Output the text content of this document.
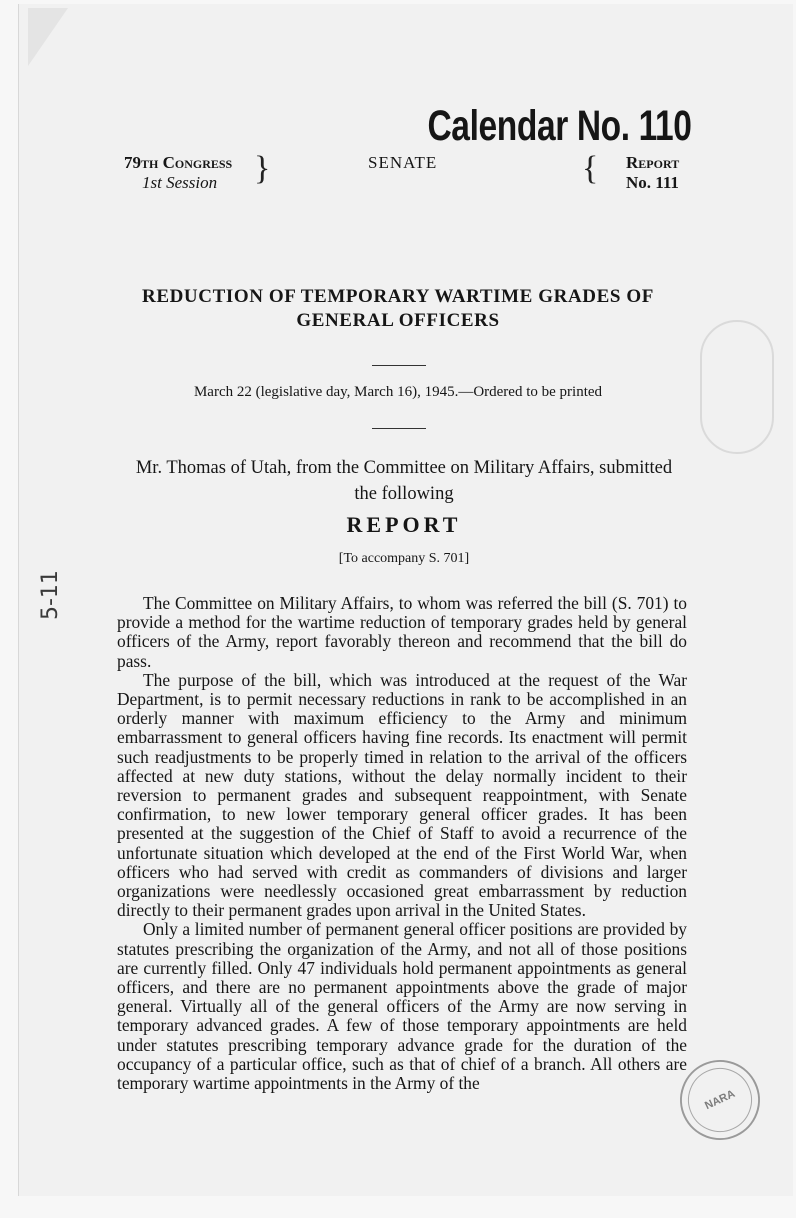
Calendar No. 110
79th Congress
1st Session }	SENATE	{ Report
No. 111
REDUCTION OF TEMPORARY WARTIME GRADES OF GENERAL OFFICERS
March 22 (legislative day, March 16), 1945.—Ordered to be printed
Mr. Thomas of Utah, from the Committee on Military Affairs, submitted the following
REPORT
[To accompany S. 701]

The Committee on Military Affairs, to whom was referred the bill (S. 701) to provide a method for the wartime reduction of temporary grades held by general officers of the Army, report favorably thereon and recommend that the bill do pass.

The purpose of the bill, which was introduced at the request of the War Department, is to permit necessary reductions in rank to be accomplished in an orderly manner with maximum efficiency to the Army and minimum embarrassment to general officers having fine records. Its enactment will permit such readjustments to be properly timed in relation to the arrival of the officers affected at new duty stations, without the delay normally incident to their reversion to permanent grades and subsequent reappointment, with Senate confirmation, to new lower temporary general officer grades. It has been presented at the suggestion of the Chief of Staff to avoid a recurrence of the unfortunate situation which developed at the end of the First World War, when officers who had served with credit as commanders of divisions and larger organizations were needlessly occasioned great embarrassment by reduction directly to their permanent grades upon arrival in the United States.

Only a limited number of permanent general officer positions are provided by statutes prescribing the organization of the Army, and not all of those positions are currently filled. Only 47 individuals hold permanent appointments as general officers, and there are no permanent appointments above the grade of major general. Virtually all of the general officers of the Army are now serving in temporary advanced grades. A few of those temporary appointments are held under statutes prescribing temporary advance grade for the duration of the occupancy of a particular office, such as that of chief of a branch. All others are temporary wartime appointments in the Army of the

5-11
NARA
